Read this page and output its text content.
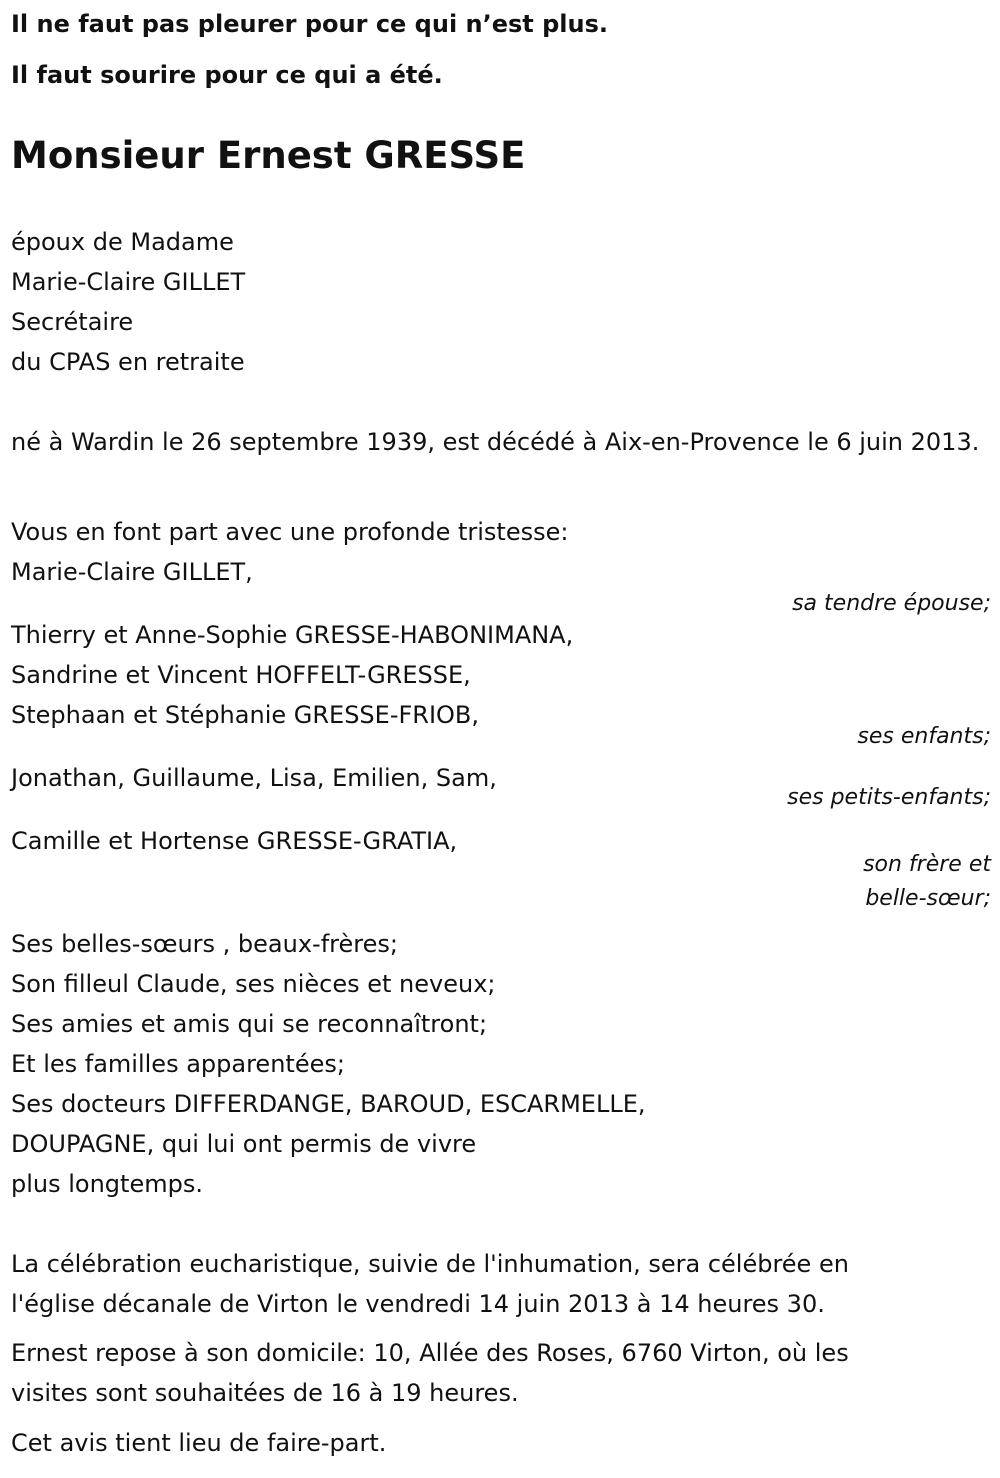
Il ne faut pas pleurer pour ce qui n’est plus.

Il faut sourire pour ce qui a été.

Monsieur Ernest GRESSE
époux de Madame
Marie-Claire GILLET
Secrétaire
du CPAS en retraite
né à Wardin le 26 septembre 1939, est décédé à Aix-en-Provence le 6 juin 2013.
Vous en font part avec une profonde tristesse:
Marie-Claire GILLET,
sa tendre épouse;
Thierry et Anne-Sophie GRESSE-HABONIMANA,
Sandrine et Vincent HOFFELT-GRESSE,
Stephaan et Stéphanie GRESSE-FRIOB,
ses enfants;
Jonathan, Guillaume, Lisa, Emilien, Sam,
ses petits-enfants;
Camille et Hortense GRESSE-GRATIA,
son frère et
belle-sœur;
Ses belles-sœurs , beaux-frères;
Son filleul Claude, ses nièces et neveux;
Ses amies et amis qui se reconnaîtront;
Et les familles apparentées;
Ses docteurs DIFFERDANGE, BAROUD, ESCARMELLE,
DOUPAGNE, qui lui ont permis de vivre
plus longtemps.
La célébration eucharistique, suivie de l'inhumation, sera célébrée en
l'église décanale de Virton le vendredi 14 juin 2013 à 14 heures 30.
Ernest repose à son domicile: 10, Allée des Roses, 6760 Virton, où les
visites sont souhaitées de 16 à 19 heures.
Cet avis tient lieu de faire-part.
